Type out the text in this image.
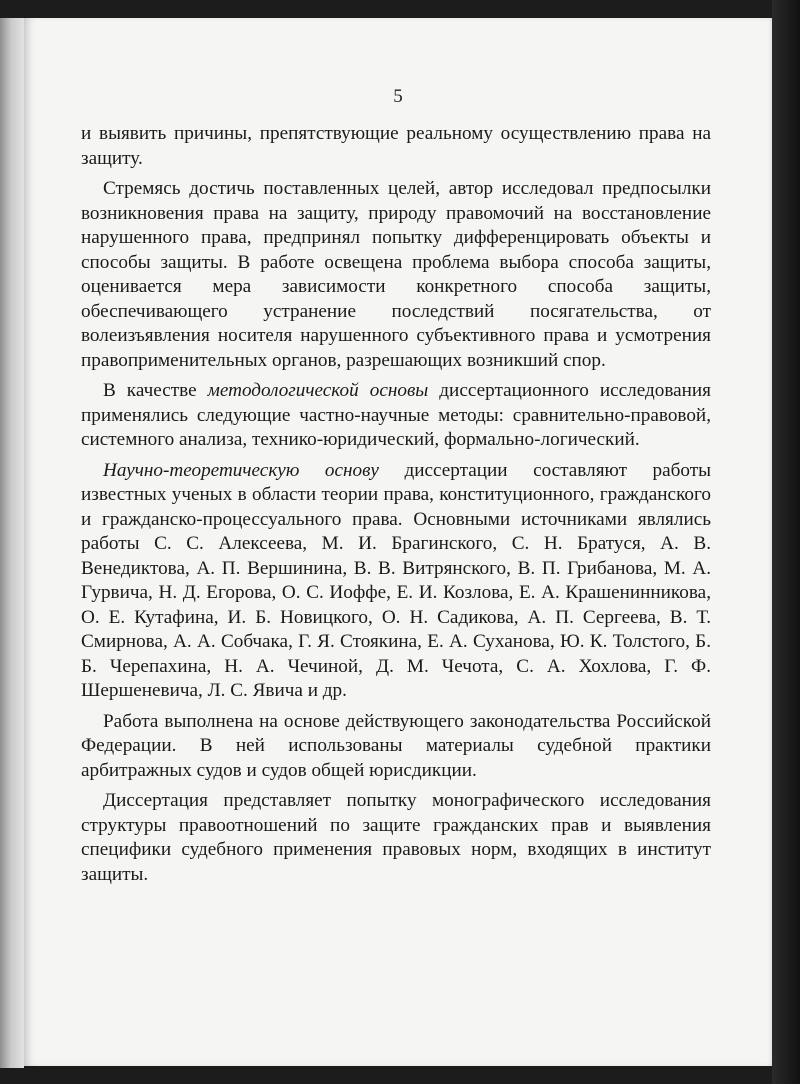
5

и выявить причины, препятствующие реальному осуществлению права на защиту.

Стремясь достичь поставленных целей, автор исследовал предпосылки возникновения права на защиту, природу правомочий на восстановление нарушенного права, предпринял попытку дифференцировать объекты и способы защиты. В работе освещена проблема выбора способа защиты, оценивается мера зависимости конкретного способа защиты, обеспечивающего устранение последствий посягательства, от волеизъявления носителя нарушенного субъективного права и усмотрения правоприменительных органов, разрешающих возникший спор.

В качестве методологической основы диссертационного исследования применялись следующие частно-научные методы: сравнительно-правовой, системного анализа, технико-юридический, формально-логический.

Научно-теоретическую основу диссертации составляют работы известных ученых в области теории права, конституционного, гражданского и гражданско-процессуального права. Основными источниками являлись работы С. С. Алексеева, М. И. Брагинского, С. Н. Братуся, А. В. Венедиктова, А. П. Вершинина, В. В. Витрянского, В. П. Грибанова, М. А. Гурвича, Н. Д. Егорова, О. С. Иоффе, Е. И. Козлова, Е. А. Крашенинникова, О. Е. Кутафина, И. Б. Новицкого, О. Н. Садикова, А. П. Сергеева, В. Т. Смирнова, А. А. Собчака, Г. Я. Стоякина, Е. А. Суханова, Ю. К. Толстого, Б. Б. Черепахина, Н. А. Чечиной, Д. М. Чечота, С. А. Хохлова, Г. Ф. Шершеневича, Л. С. Явича и др.

Работа выполнена на основе действующего законодательства Российской Федерации. В ней использованы материалы судебной практики арбитражных судов и судов общей юрисдикции.

Диссертация представляет попытку монографического исследования структуры правоотношений по защите гражданских прав и выявления специфики судебного применения правовых норм, входящих в институт защиты.
